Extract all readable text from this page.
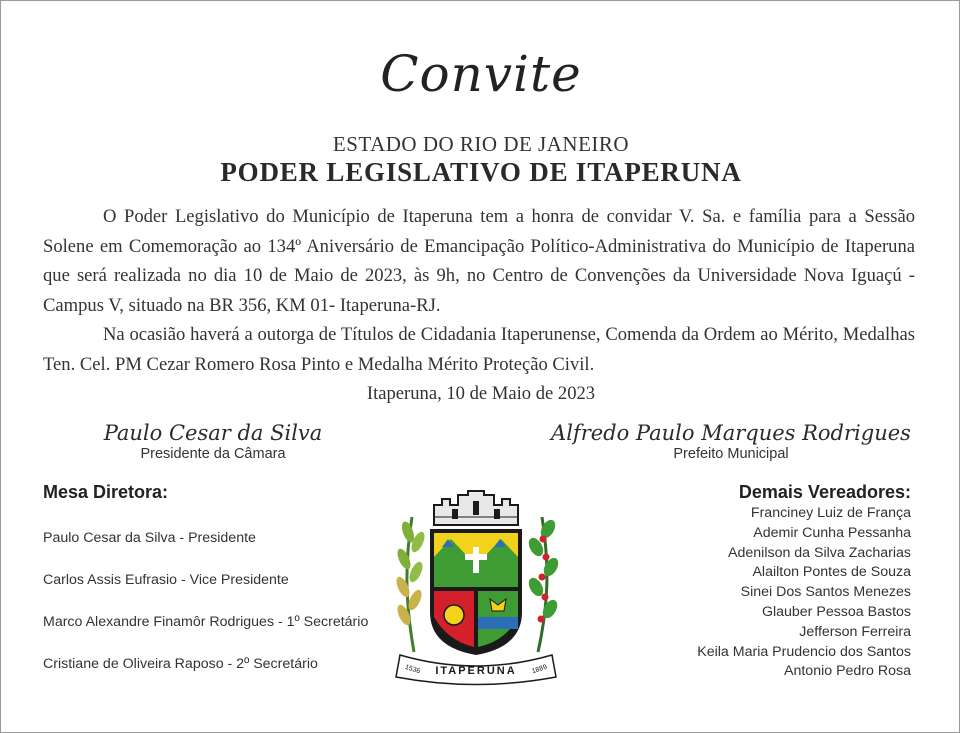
Convite
ESTADO DO RIO DE JANEIRO
PODER LEGISLATIVO DE ITAPERUNA

O Poder Legislativo do Município de Itaperuna tem a honra de convidar V. Sa. e família para a Sessão Solene em Comemoração ao 134º Aniversário de Emancipação Político-Administrativa do Município de Itaperuna que será realizada no dia 10 de Maio de 2023, às 9h, no Centro de Convenções da Universidade Nova Iguaçú - Campus V, situado na BR 356, KM 01- Itaperuna-RJ.

Na ocasião haverá a outorga de Títulos de Cidadania Itaperunense, Comenda da Ordem ao Mérito, Medalhas Ten. Cel. PM Cezar Romero Rosa Pinto e Medalha Mérito Proteção Civil.

Itaperuna, 10 de Maio de 2023
Paulo Cesar da Silva
Presidente da Câmara
Alfredo Paulo Marques Rodrigues
Prefeito Municipal
Mesa Diretora:
Paulo Cesar da Silva - Presidente
Carlos Assis Eufrasio - Vice Presidente
Marco Alexandre Finamôr Rodrigues - 1º Secretário
Cristiane de Oliveira Raposo - 2º Secretário
Demais Vereadores:
Franciney Luiz de França
Ademir Cunha Pessanha
Adenilson da Silva Zacharias
Alailton Pontes de Souza
Sinei Dos Santos Menezes
Glauber Pessoa Bastos
Jefferson Ferreira
Keila Maria Prudencio dos Santos
Antonio Pedro Rosa
ITAPERUNA
1536	1889
